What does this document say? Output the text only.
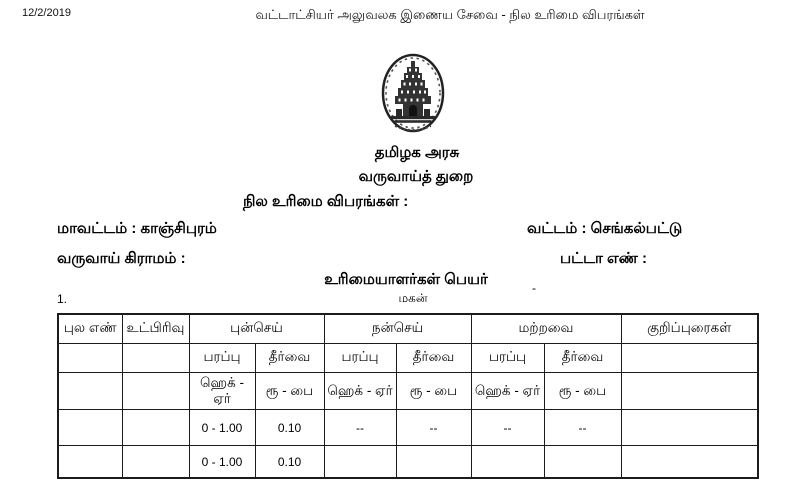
12/2/2019	வட்டாட்சியர் அலுவலக இணைய சேவை - நில உரிமை விபரங்கள்
தமிழக அரசு
வருவாய்த் துறை
நில உரிமை விபரங்கள் :
மாவட்டம் : காஞ்சிபுரம்	வட்டம் : செங்கல்பட்டு
வருவாய் கிராமம் :	பட்டா எண் :
உரிமையாளர்கள் பெயர்
1.	மகன்
-
புல எண்	உட்பிரிவு	புன்செய்		நன்செய்		மற்றவை		குறிப்புரைகள்
		பரப்பு	தீர்வை	பரப்பு	தீர்வை	பரப்பு	தீர்வை	
		ஹெக் - ஏர்	ரூ - பை	ஹெக் - ஏர்	ரூ - பை	ஹெக் - ஏர்	ரூ - பை	
		0 - 1.00	0.10	--	--	--	--	
		0 - 1.00	0.10					
